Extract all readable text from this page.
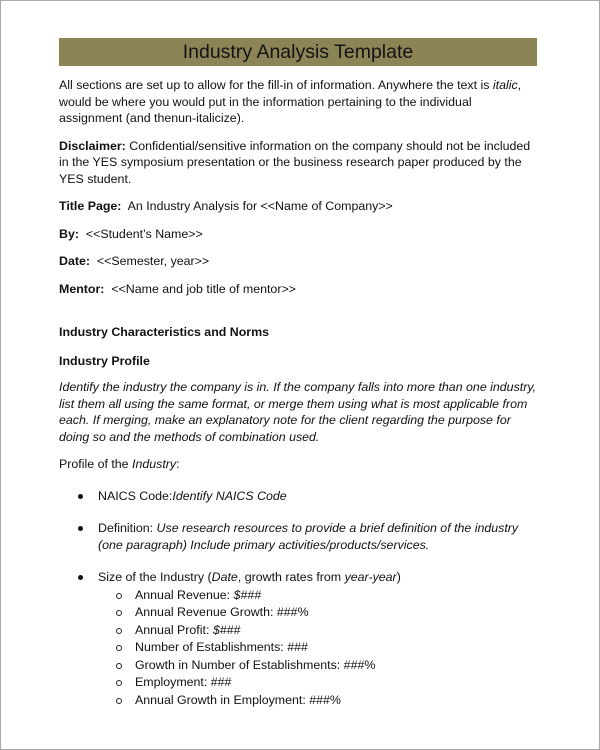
Industry Analysis Template

All sections are set up to allow for the fill-in of information. Anywhere the text is italic, would be where you would put in the information pertaining to the individual assignment (and thenun-italicize).

Disclaimer: Confidential/sensitive information on the company should not be included in the YES symposium presentation or the business research paper produced by the YES student.

Title Page:  An Industry Analysis for <<Name of Company>>

By:  <<Student’s Name>>

Date:  <<Semester, year>>

Mentor:  <<Name and job title of mentor>>

Industry Characteristics and Norms

Industry Profile

Identify the industry the company is in. If the company falls into more than one industry, list them all using the same format, or merge them using what is most applicable from each. If merging, make an explanatory note for the client regarding the purpose for doing so and the methods of combination used.

Profile of the Industry:

NAICS Code:Identify NAICS Code
Definition: Use research resources to provide a brief definition of the industry (one paragraph) Include primary activities/products/services.
Size of the Industry (Date, growth rates from year-year)
Annual Revenue: $###
Annual Revenue Growth: ###%
Annual Profit: $###
Number of Establishments: ###
Growth in Number of Establishments: ###%
Employment: ###
Annual Growth in Employment: ###%
